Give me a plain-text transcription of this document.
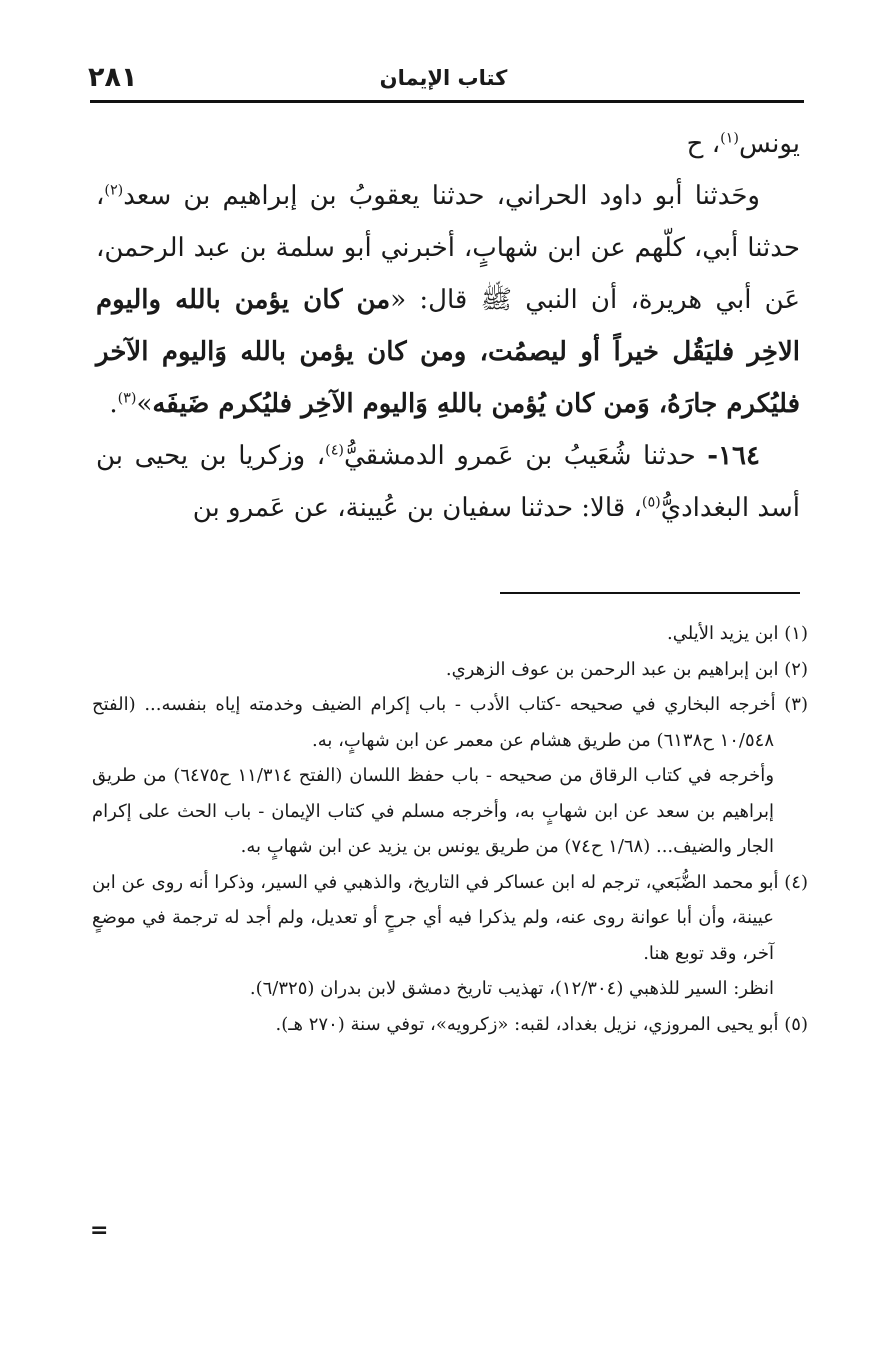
٢٨١	كتاب الإيمان

يونس$^{(١)}$، ح

وحَدثنا أبو داود الحراني، حدثنا يعقوبُ بن إبراهيم بن سعد$^{(٢)}$، حدثنا أبي، كلّهم عن ابن شهابٍ، أخبرني أبو سلمة بن عبد الرحمن، عَن أبي هريرة، أن النبي ﷺ قال: «من كان يؤمن بالله واليوم الاخِر فليَقُل خيراً أو ليصمُت، ومن كان يؤمن بالله وَاليوم الآخر فليُكرم جارَهُ، وَمن كان يُؤمن باللهِ وَاليوم الآخِر فليُكرم ضَيفَه»$^{(٣)}$.

١٦٤- حدثنا شُعَيبُ بن عَمرو الدمشقيُّ$^{(٤)}$، وزكريا بن يحيى بن أسد البغداديُّ$^{(٥)}$، قالا: حدثنا سفيان بن عُيينة، عن عَمرو بن

(١) ابن يزيد الأيلي.

(٢) ابن إبراهيم بن عبد الرحمن بن عوف الزهري.

(٣) أخرجه البخاري في صحيحه -كتاب الأدب - باب إكرام الضيف وخدمته إياه بنفسه... (الفتح ١٠/٥٤٨ ح٦١٣٨) من طريق هشام عن معمر عن ابن شهابٍ، به.
وأخرجه في كتاب الرقاق من صحيحه - باب حفظ اللسان (الفتح ١١/٣١٤ ح٦٤٧٥) من طريق إبراهيم بن سعد عن ابن شهابٍ به، وأخرجه مسلم في كتاب الإيمان - باب الحث على إكرام الجار والضيف... (١/٦٨ ح٧٤) من طريق يونس بن يزيد عن ابن شهابٍ به.

(٤) أبو محمد الضُّبَعي، ترجم له ابن عساكر في التاريخ، والذهبي في السير، وذكرا أنه روى عن ابن عيينة، وأن أبا عوانة روى عنه، ولم يذكرا فيه أي جرحٍ أو تعديل، ولم أجد له ترجمة في موضعٍ آخر، وقد توبع هنا.
انظر: السير للذهبي (١٢/٣٠٤)، تهذيب تاريخ دمشق لابن بدران (٦/٣٢٥).

(٥) أبو يحيى المروزي، نزيل بغداد، لقبه: «زكرويه»، توفي سنة (٢٧٠ هـ).

=
